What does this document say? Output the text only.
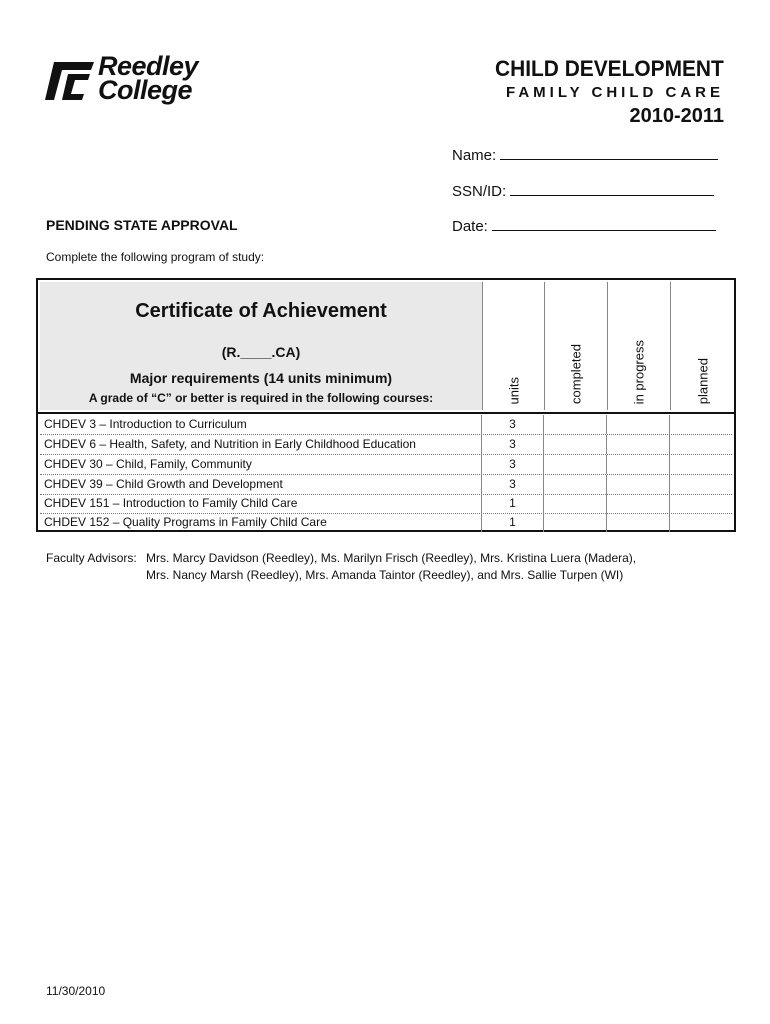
Reedley
College
CHILD DEVELOPMENT
FAMILY CHILD CARE
2010-2011
Name:
SSN/ID:
Date:
PENDING STATE APPROVAL
Complete the following program of study:
Certificate of Achievement
(R.____.CA)
Major requirements (14 units minimum)
A grade of “C” or better is required in the following courses:	units	completed	in progress	planned
CHDEV 3 – Introduction to Curriculum	3
CHDEV 6 – Health, Safety, and Nutrition in Early Childhood Education	3
CHDEV 30 – Child, Family, Community	3
CHDEV 39 – Child Growth and Development	3
CHDEV 151 – Introduction to Family Child Care	1
CHDEV 152 – Quality Programs in Family Child Care	1
Faculty Advisors: Mrs. Marcy Davidson (Reedley), Ms. Marilyn Frisch (Reedley), Mrs. Kristina Luera (Madera),
Mrs. Nancy Marsh (Reedley), Mrs. Amanda Taintor (Reedley), and Mrs. Sallie Turpen (WI)
11/30/2010
